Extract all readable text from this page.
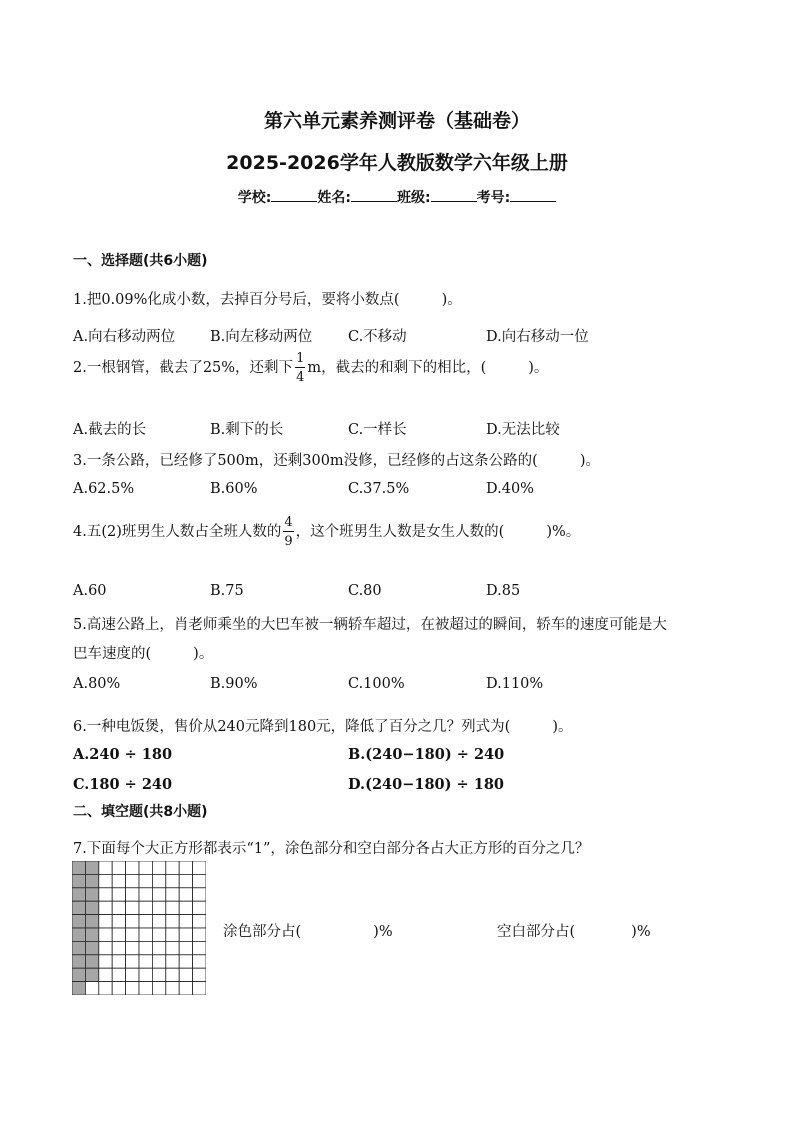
第六单元素养测评卷（基础卷）
2025-2026学年人教版数学六年级上册
学校:	姓名:	班级:	考号:
一、选择题(共6小题)
1.把0.09%化成小数，去掉百分号后，要将小数点(	)。
A.向右移动两位 B.向左移动两位 C.不移动	D.向右移动一位
2.一根钢管，截去了25%，还剩下 $\frac{1}{4}$ m，截去的和剩下的相比，(	)。
A.截去的长	B.剩下的长	C.一样长	D.无法比较
3.一条公路，已经修了500m，还剩300m没修，已经修的占这条公路的(	)。
A.62.5%	B.60%	C.37.5%	D.40%
4.五(2)班男生人数占全班人数的 $\frac{4}{9}$ ，这个班男生人数是女生人数的(	)%。
A.60	B.75	C.80	D.85
5.高速公路上，肖老师乘坐的大巴车被一辆轿车超过，在被超过的瞬间，轿车的速度可能是大
巴车速度的(	)。
A.80%	B.90%	C.100%	D.110%
6.一种电饭煲，售价从240元降到180元，降低了百分之几？列式为(	)。
A.240 ÷ 180	B.(240−180) ÷ 240
C.180 ÷ 240	D.(240−180) ÷ 180
二、填空题(共8小题)
7.下面每个大正方形都表示“1”，涂色部分和空白部分各占大正方形的百分之几？
涂色部分占(	)%	空白部分占(	)%
